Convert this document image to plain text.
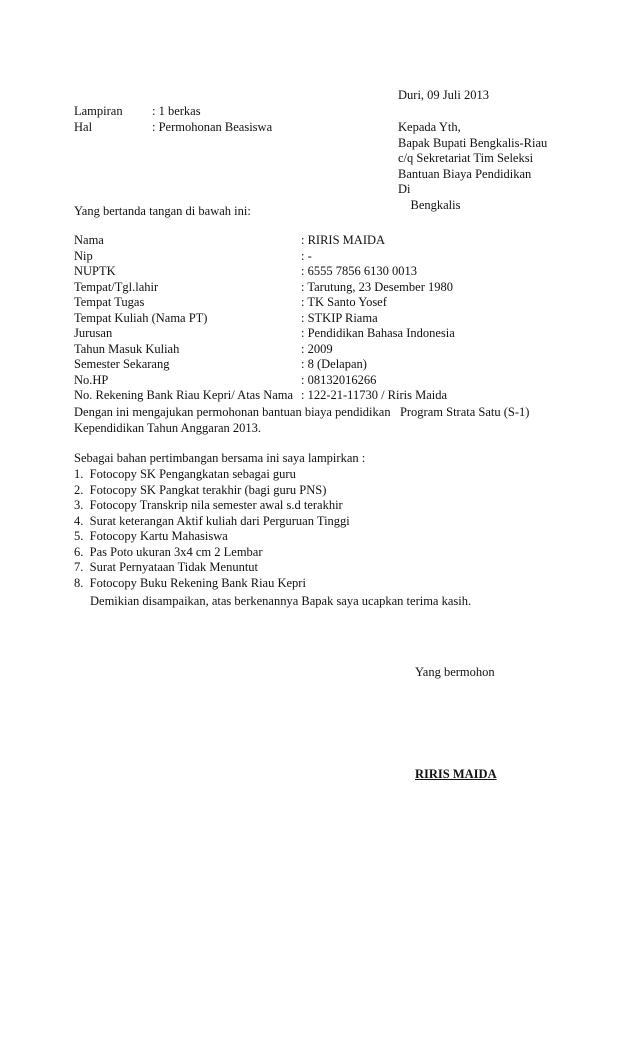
Duri, 09 Juli 2013
Lampiran	: 1 berkas
Hal	: Permohonan Beasiswa	Kepada Yth,
Bapak Bupati Bengkalis-Riau
c/q Sekretariat Tim Seleksi
Bantuan Biaya Pendidikan
Di
Bengkalis
Yang bertanda tangan di bawah ini:
Nama	: RIRIS MAIDA
Nip	: -
NUPTK	: 6555 7856 6130 0013
Tempat/Tgl.lahir	: Tarutung, 23 Desember 1980
Tempat Tugas	: TK Santo Yosef
Tempat Kuliah (Nama PT)	: STKIP Riama
Jurusan	: Pendidikan Bahasa Indonesia
Tahun Masuk Kuliah	: 2009
Semester Sekarang	: 8 (Delapan)
No.HP	: 08132016266
No. Rekening Bank Riau Kepri/ Atas Nama : 122-21-11730 / Riris Maida
Dengan ini mengajukan permohonan bantuan biaya pendidikan   Program Strata Satu (S-1)
Kependidikan Tahun Anggaran 2013.
Sebagai bahan pertimbangan bersama ini saya lampirkan :
1.  Fotocopy SK Pengangkatan sebagai guru
2.  Fotocopy SK Pangkat terakhir (bagi guru PNS)
3.  Fotocopy Transkrip nila semester awal s.d terakhir
4.  Surat keterangan Aktif kuliah dari Perguruan Tinggi
5.  Fotocopy Kartu Mahasiswa
6.  Pas Poto ukuran 3x4 cm 2 Lembar
7.  Surat Pernyataan Tidak Menuntut
8.  Fotocopy Buku Rekening Bank Riau Kepri
Demikian disampaikan, atas berkenannya Bapak saya ucapkan terima kasih.
Yang bermohon
RIRIS MAIDA
